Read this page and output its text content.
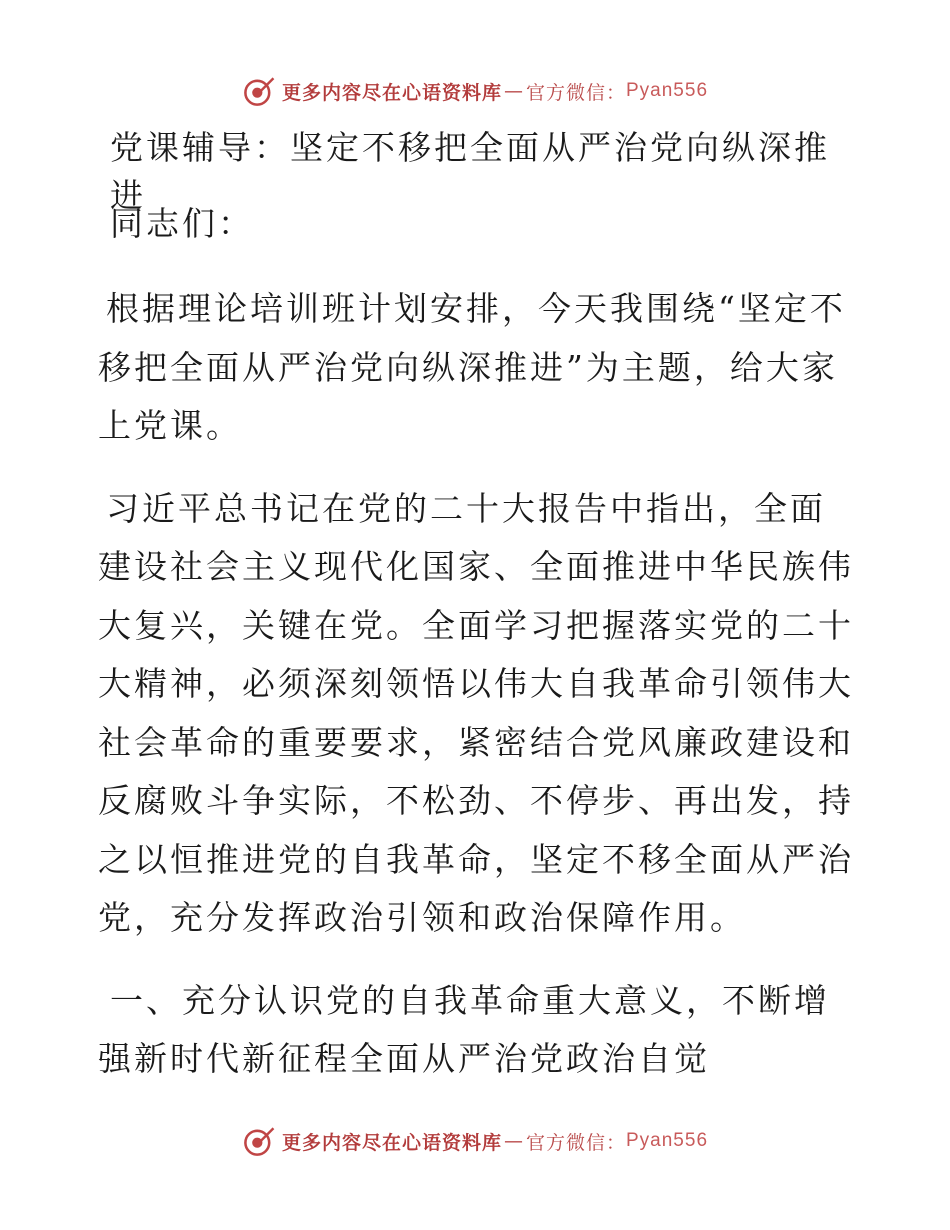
更多内容尽在心语资料库 — 官方微信： Pyan556
党课辅导：坚定不移把全面从严治党向纵深推进

同志们：

根据理论培训班计划安排，今天我围绕“坚定不移把全面从严治党向纵深推进”为主题，给大家上党课。

习近平总书记在党的二十大报告中指出，全面建设社会主义现代化国家、全面推进中华民族伟大复兴，关键在党。全面学习把握落实党的二十大精神，必须深刻领悟以伟大自我革命引领伟大社会革命的重要要求，紧密结合党风廉政建设和反腐败斗争实际，不松劲、不停步、再出发，持之以恒推进党的自我革命，坚定不移全面从严治党，充分发挥政治引领和政治保障作用。

一、充分认识党的自我革命重大意义，不断增强新时代新征程全面从严治党政治自觉

更多内容尽在心语资料库 — 官方微信： Pyan556
